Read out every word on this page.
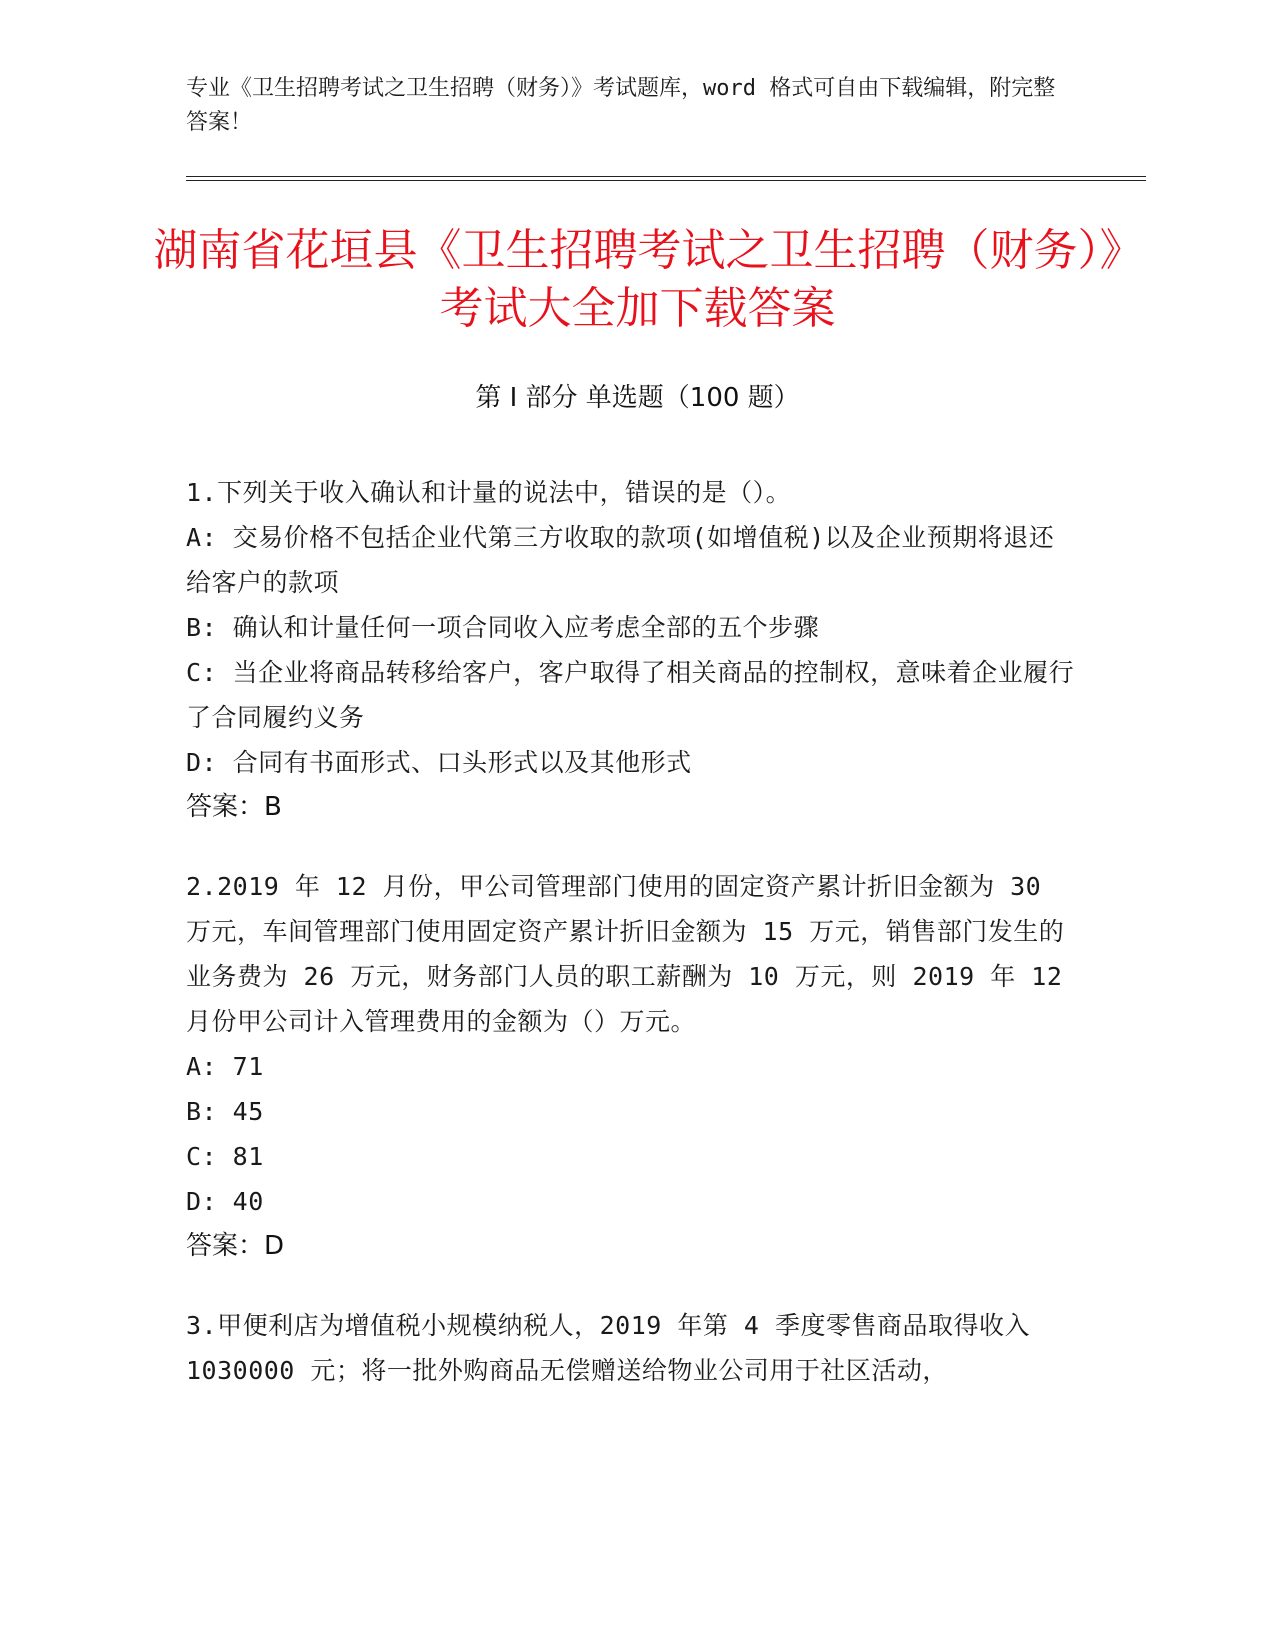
专业《卫生招聘考试之卫生招聘（财务）》考试题库，word 格式可自由下载编辑，附完整答案！
湖南省花垣县《卫生招聘考试之卫生招聘（财务）》考试大全加下载答案
第 I 部分 单选题（100 题）
1.下列关于收入确认和计量的说法中，错误的是（）。
A: 交易价格不包括企业代第三方收取的款项(如增值税)以及企业预期将退还给客户的款项
B: 确认和计量任何一项合同收入应考虑全部的五个步骤
C: 当企业将商品转移给客户，客户取得了相关商品的控制权，意味着企业履行了合同履约义务
D: 合同有书面形式、口头形式以及其他形式
答案：B
2.2019 年 12 月份，甲公司管理部门使用的固定资产累计折旧金额为 30 万元，车间管理部门使用固定资产累计折旧金额为 15 万元，销售部门发生的业务费为 26 万元，财务部门人员的职工薪酬为 10 万元，则 2019 年 12 月份甲公司计入管理费用的金额为（）万元。
A: 71
B: 45
C: 81
D: 40
答案：D
3.甲便利店为增值税小规模纳税人，2019 年第 4 季度零售商品取得收入 1030000 元；将一批外购商品无偿赠送给物业公司用于社区活动，
